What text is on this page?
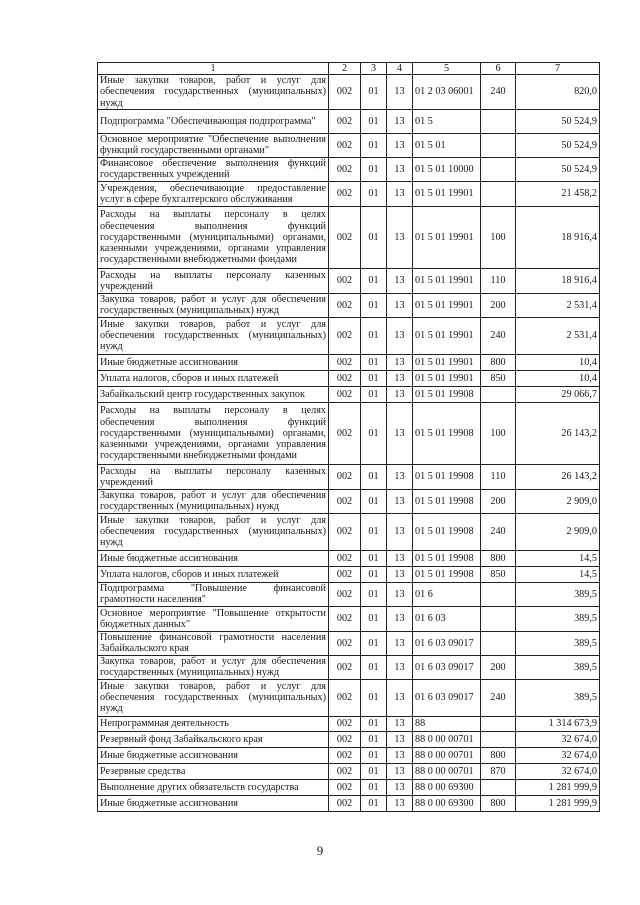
1	2	3	4	5	6	7
Иные закупки товаров, работ и услуг для обеспечения государственных (муниципальных) нужд	002	01	13	01 2 03 06001	240	820,0
Подпрограмма "Обеспечивающая подпрограмма"	002	01	13	01 5		50 524,9
Основное мероприятие "Обеспечение выполнения функций государственными органами"	002	01	13	01 5 01		50 524,9
Финансовое обеспечение выполнения функций государственных учреждений	002	01	13	01 5 01 10000		50 524,9
Учреждения, обеспечивающие предоставление услуг в сфере бухгалтерского обслуживания	002	01	13	01 5 01 19901		21 458,2
Расходы на выплаты персоналу в целях обеспечения выполнения функций государственными (муниципальными) органами, казенными учреждениями, органами управления государственными внебюджетными фондами	002	01	13	01 5 01 19901	100	18 916,4
Расходы на выплаты персоналу казенных учреждений	002	01	13	01 5 01 19901	110	18 916,4
Закупка товаров, работ и услуг для обеспечения государственных (муниципальных) нужд	002	01	13	01 5 01 19901	200	2 531,4
Иные закупки товаров, работ и услуг для обеспечения государственных (муниципальных) нужд	002	01	13	01 5 01 19901	240	2 531,4
Иные бюджетные ассигнования	002	01	13	01 5 01 19901	800	10,4
Уплата налогов, сборов и иных платежей	002	01	13	01 5 01 19901	850	10,4
Забайкальский центр государственных закупок	002	01	13	01 5 01 19908		29 066,7
Расходы на выплаты персоналу в целях обеспечения выполнения функций государственными (муниципальными) органами, казенными учреждениями, органами управления государственными внебюджетными фондами	002	01	13	01 5 01 19908	100	26 143,2
Расходы на выплаты персоналу казенных учреждений	002	01	13	01 5 01 19908	110	26 143,2
Закупка товаров, работ и услуг для обеспечения государственных (муниципальных) нужд	002	01	13	01 5 01 19908	200	2 909,0
Иные закупки товаров, работ и услуг для обеспечения государственных (муниципальных) нужд	002	01	13	01 5 01 19908	240	2 909,0
Иные бюджетные ассигнования	002	01	13	01 5 01 19908	800	14,5
Уплата налогов, сборов и иных платежей	002	01	13	01 5 01 19908	850	14,5
Подпрограмма "Повышение финансовой грамотности населения"	002	01	13	01 6		389,5
Основное мероприятие "Повышение открытости бюджетных данных"	002	01	13	01 6 03		389,5
Повышение финансовой грамотности населения Забайкальского края	002	01	13	01 6 03 09017		389,5
Закупка товаров, работ и услуг для обеспечения государственных (муниципальных) нужд	002	01	13	01 6 03 09017	200	389,5
Иные закупки товаров, работ и услуг для обеспечения государственных (муниципальных) нужд	002	01	13	01 6 03 09017	240	389,5
Непрограммная деятельность	002	01	13	88		1 314 673,9
Резервный фонд Забайкальского края	002	01	13	88 0 00 00701		32 674,0
Иные бюджетные ассигнования	002	01	13	88 0 00 00701	800	32 674,0
Резервные средства	002	01	13	88 0 00 00701	870	32 674,0
Выполнение других обязательств государства	002	01	13	88 0 00 69300		1 281 999,9
Иные бюджетные ассигнования	002	01	13	88 0 00 69300	800	1 281 999,9
9
